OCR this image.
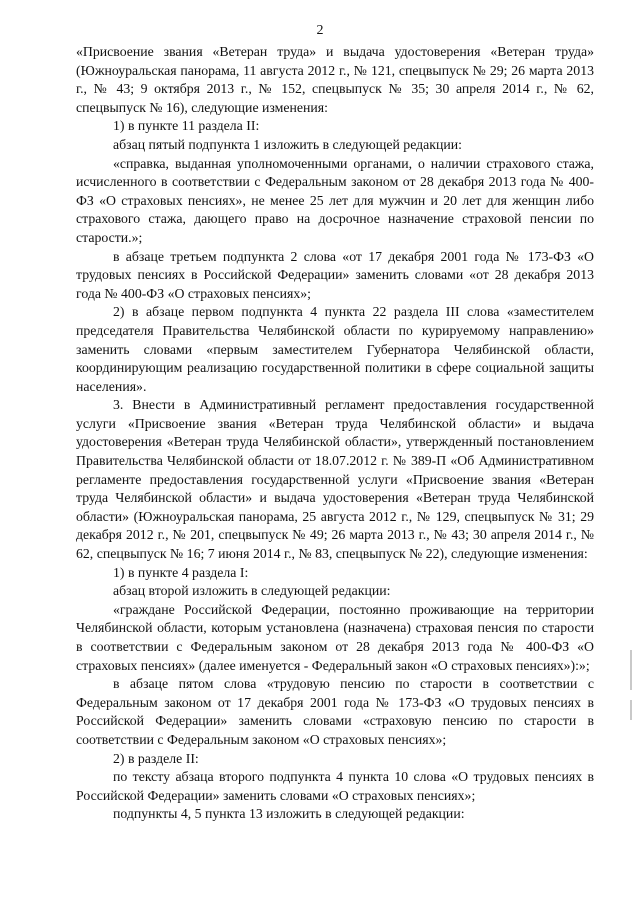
2

«Присвоение звания «Ветеран труда» и выдача удостоверения «Ветеран труда» (Южноуральская панорама, 11 августа 2012 г., № 121, спецвыпуск № 29; 26 марта 2013 г., № 43; 9 октября 2013 г., № 152, спецвыпуск № 35; 30 апреля 2014 г., № 62, спецвыпуск № 16), следующие изменения:

1) в пункте 11 раздела II:

абзац пятый подпункта 1 изложить в следующей редакции:

«справка, выданная уполномоченными органами, о наличии страхового стажа, исчисленного в соответствии с Федеральным законом от 28 декабря 2013 года № 400-ФЗ «О страховых пенсиях», не менее 25 лет для мужчин и 20 лет для женщин либо страхового стажа, дающего право на досрочное назначение страховой пенсии по старости.»;

в абзаце третьем подпункта 2 слова «от 17 декабря 2001 года № 173-ФЗ «О трудовых пенсиях в Российской Федерации» заменить словами «от 28 декабря 2013 года № 400-ФЗ «О страховых пенсиях»;

2) в абзаце первом подпункта 4 пункта 22 раздела III слова «заместителем председателя Правительства Челябинской области по курируемому направлению» заменить словами «первым заместителем Губернатора Челябинской области, координирующим реализацию государственной политики в сфере социальной защиты населения».

3. Внести в Административный регламент предоставления государственной услуги «Присвоение звания «Ветеран труда Челябинской области» и выдача удостоверения «Ветеран труда Челябинской области», утвержденный постановлением Правительства Челябинской области от 18.07.2012 г. № 389-П «Об Административном регламенте предоставления государственной услуги «Присвоение звания «Ветеран труда Челябинской области» и выдача удостоверения «Ветеран труда Челябинской области» (Южноуральская панорама, 25 августа 2012 г., № 129, спецвыпуск № 31; 29 декабря 2012 г., № 201, спецвыпуск № 49; 26 марта 2013 г., № 43; 30 апреля 2014 г., № 62, спецвыпуск № 16; 7 июня 2014 г., № 83, спецвыпуск № 22), следующие изменения:

1) в пункте 4 раздела I:

абзац второй изложить в следующей редакции:

«граждане Российской Федерации, постоянно проживающие на территории Челябинской области, которым установлена (назначена) страховая пенсия по старости в соответствии с Федеральным законом от 28 декабря 2013 года № 400-ФЗ «О страховых пенсиях» (далее именуется - Федеральный закон «О страховых пенсиях»):»;

в абзаце пятом слова «трудовую пенсию по старости в соответствии с Федеральным законом от 17 декабря 2001 года № 173-ФЗ «О трудовых пенсиях в Российской Федерации» заменить словами «страховую пенсию по старости в соответствии с Федеральным законом «О страховых пенсиях»;

2) в разделе II:

по тексту абзаца второго подпункта 4 пункта 10 слова «О трудовых пенсиях в Российской Федерации» заменить словами «О страховых пенсиях»;

подпункты 4, 5 пункта 13 изложить в следующей редакции:
